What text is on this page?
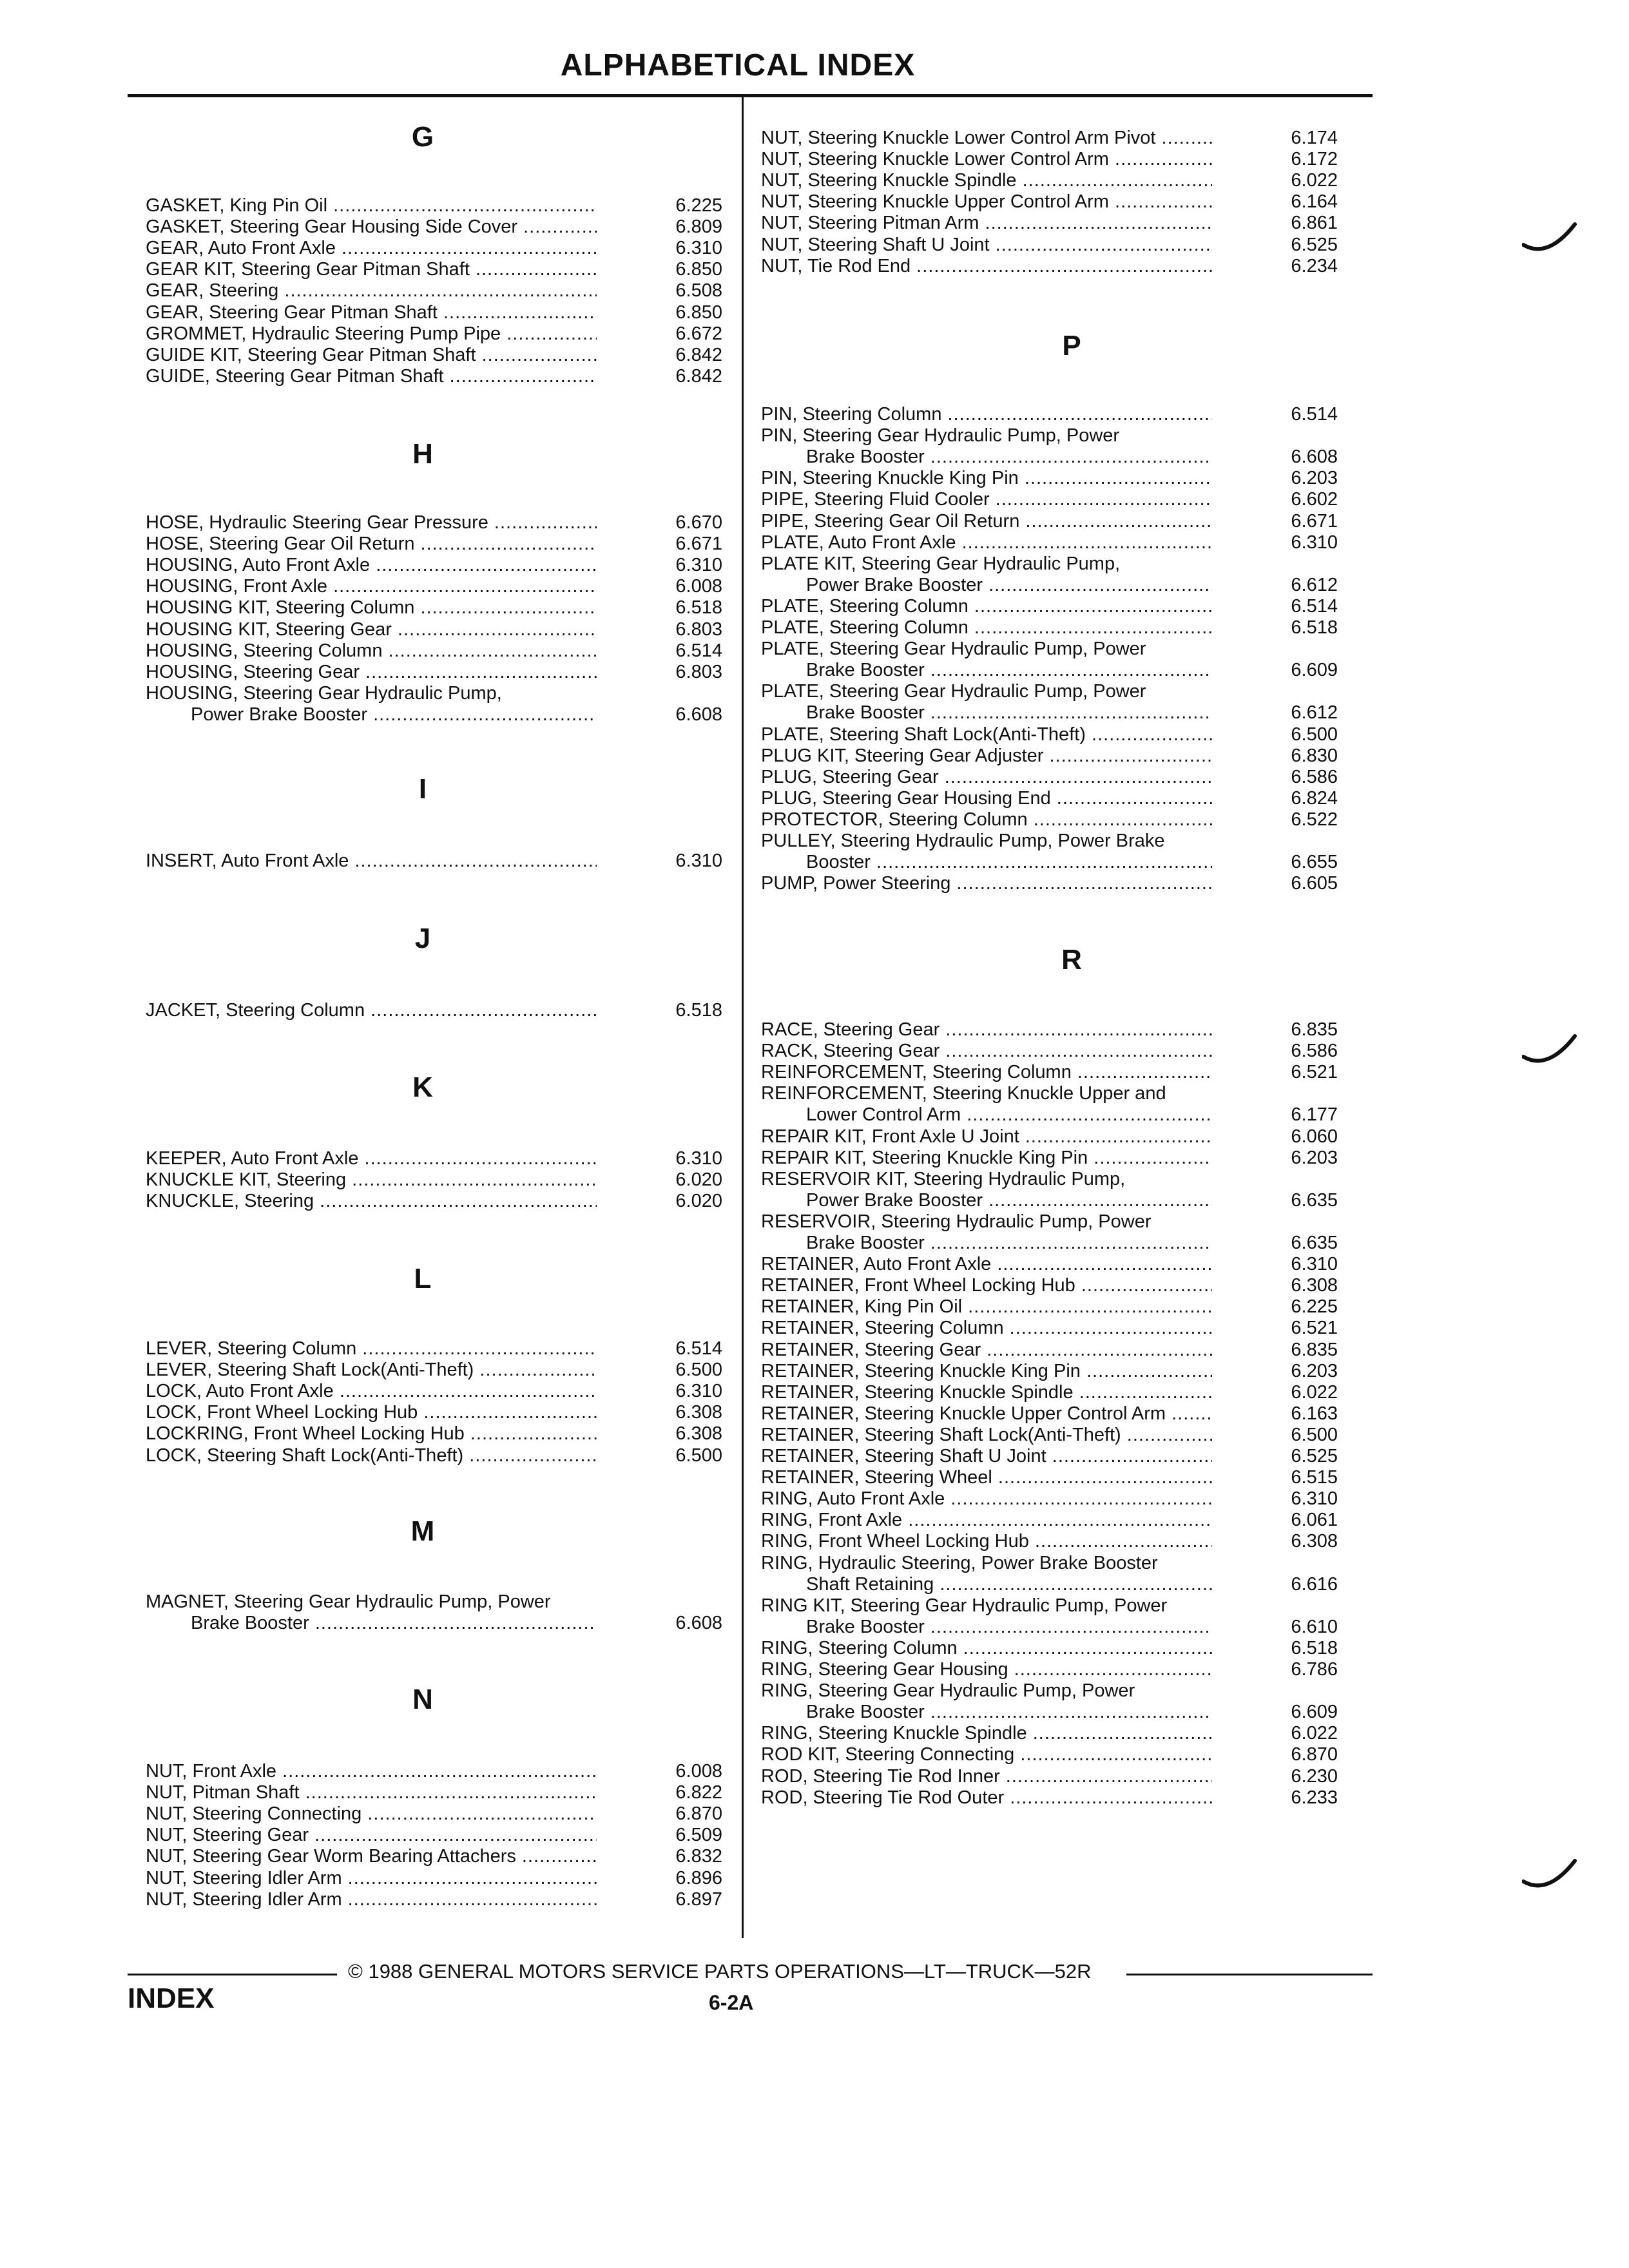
ALPHABETICAL INDEX
G
GASKET, King Pin Oil .....	6.225
GASKET, Steering Gear Housing Side Cover .....	6.809
GEAR, Auto Front Axle .....	6.310
GEAR KIT, Steering Gear Pitman Shaft .....	6.850
GEAR, Steering .....	6.508
GEAR, Steering Gear Pitman Shaft .....	6.850
GROMMET, Hydraulic Steering Pump Pipe .....	6.672
GUIDE KIT, Steering Gear Pitman Shaft .....	6.842
GUIDE, Steering Gear Pitman Shaft .....	6.842
H
HOSE, Hydraulic Steering Gear Pressure .....	6.670
HOSE, Steering Gear Oil Return .....	6.671
HOUSING, Auto Front Axle .....	6.310
HOUSING, Front Axle .....	6.008
HOUSING KIT, Steering Column .....	6.518
HOUSING KIT, Steering Gear .....	6.803
HOUSING, Steering Column .....	6.514
HOUSING, Steering Gear .....	6.803
HOUSING, Steering Gear Hydraulic Pump,
Power Brake Booster .....	6.608
I
INSERT, Auto Front Axle .....	6.310
J
JACKET, Steering Column .....	6.518
K
KEEPER, Auto Front Axle .....	6.310
KNUCKLE KIT, Steering .....	6.020
KNUCKLE, Steering .....	6.020
L
LEVER, Steering Column .....	6.514
LEVER, Steering Shaft Lock(Anti-Theft) .....	6.500
LOCK, Auto Front Axle .....	6.310
LOCK, Front Wheel Locking Hub .....	6.308
LOCKRING, Front Wheel Locking Hub .....	6.308
LOCK, Steering Shaft Lock(Anti-Theft) .....	6.500
M
MAGNET, Steering Gear Hydraulic Pump, Power
Brake Booster .....	6.608
N
NUT, Front Axle .....	6.008
NUT, Pitman Shaft .....	6.822
NUT, Steering Connecting .....	6.870
NUT, Steering Gear .....	6.509
NUT, Steering Gear Worm Bearing Attachers .....	6.832
NUT, Steering Idler Arm .....	6.896
NUT, Steering Idler Arm .....	6.897
NUT, Steering Knuckle Lower Control Arm Pivot .....	6.174
NUT, Steering Knuckle Lower Control Arm .....	6.172
NUT, Steering Knuckle Spindle .....	6.022
NUT, Steering Knuckle Upper Control Arm .....	6.164
NUT, Steering Pitman Arm .....	6.861
NUT, Steering Shaft U Joint .....	6.525
NUT, Tie Rod End .....	6.234
P
PIN, Steering Column .....	6.514
PIN, Steering Gear Hydraulic Pump, Power
Brake Booster .....	6.608
PIN, Steering Knuckle King Pin .....	6.203
PIPE, Steering Fluid Cooler .....	6.602
PIPE, Steering Gear Oil Return .....	6.671
PLATE, Auto Front Axle .....	6.310
PLATE KIT, Steering Gear Hydraulic Pump,
Power Brake Booster .....	6.612
PLATE, Steering Column .....	6.514
PLATE, Steering Column .....	6.518
PLATE, Steering Gear Hydraulic Pump, Power
Brake Booster .....	6.609
PLATE, Steering Gear Hydraulic Pump, Power
Brake Booster .....	6.612
PLATE, Steering Shaft Lock(Anti-Theft) .....	6.500
PLUG KIT, Steering Gear Adjuster .....	6.830
PLUG, Steering Gear .....	6.586
PLUG, Steering Gear Housing End .....	6.824
PROTECTOR, Steering Column .....	6.522
PULLEY, Steering Hydraulic Pump, Power Brake
Booster .....	6.655
PUMP, Power Steering .....	6.605
R
RACE, Steering Gear .....	6.835
RACK, Steering Gear .....	6.586
REINFORCEMENT, Steering Column .....	6.521
REINFORCEMENT, Steering Knuckle Upper and
Lower Control Arm .....	6.177
REPAIR KIT, Front Axle U Joint .....	6.060
REPAIR KIT, Steering Knuckle King Pin .....	6.203
RESERVOIR KIT, Steering Hydraulic Pump,
Power Brake Booster .....	6.635
RESERVOIR, Steering Hydraulic Pump, Power
Brake Booster .....	6.635
RETAINER, Auto Front Axle .....	6.310
RETAINER, Front Wheel Locking Hub .....	6.308
RETAINER, King Pin Oil .....	6.225
RETAINER, Steering Column .....	6.521
RETAINER, Steering Gear .....	6.835
RETAINER, Steering Knuckle King Pin .....	6.203
RETAINER, Steering Knuckle Spindle .....	6.022
RETAINER, Steering Knuckle Upper Control Arm .....	6.163
RETAINER, Steering Shaft Lock(Anti-Theft) .....	6.500
RETAINER, Steering Shaft U Joint .....	6.525
RETAINER, Steering Wheel .....	6.515
RING, Auto Front Axle .....	6.310
RING, Front Axle .....	6.061
RING, Front Wheel Locking Hub .....	6.308
RING, Hydraulic Steering, Power Brake Booster
Shaft Retaining .....	6.616
RING KIT, Steering Gear Hydraulic Pump, Power
Brake Booster .....	6.610
RING, Steering Column .....	6.518
RING, Steering Gear Housing .....	6.786
RING, Steering Gear Hydraulic Pump, Power
Brake Booster .....	6.609
RING, Steering Knuckle Spindle .....	6.022
ROD KIT, Steering Connecting .....	6.870
ROD, Steering Tie Rod Inner .....	6.230
ROD, Steering Tie Rod Outer .....	6.233
© 1988 GENERAL MOTORS SERVICE PARTS OPERATIONS—LT—TRUCK—52R
INDEX	6-2A
